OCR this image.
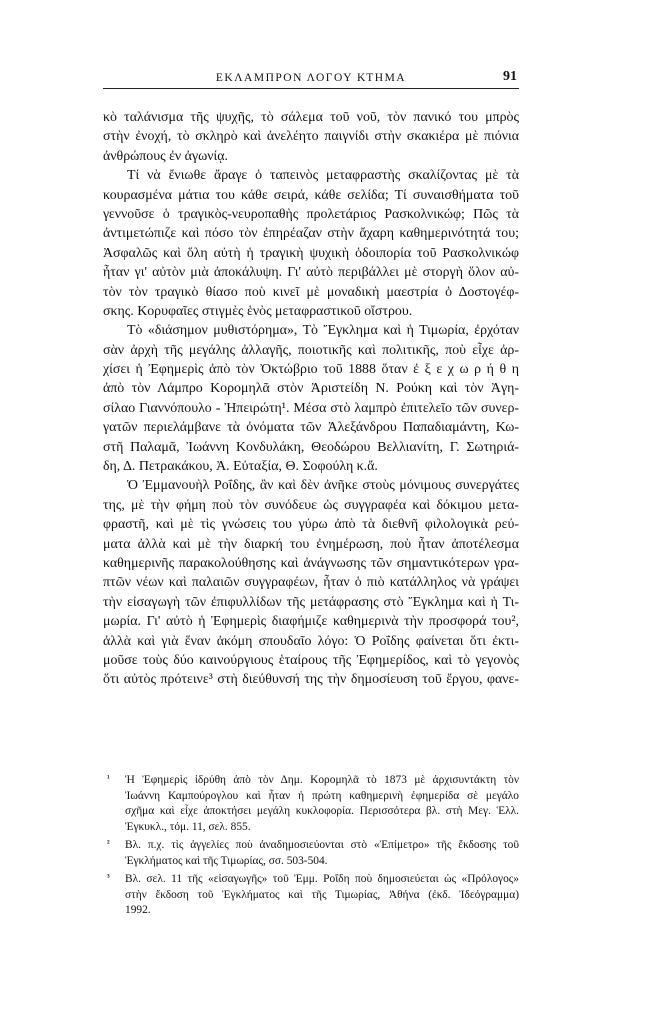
ΕΚΛΑΜΠΡΟΝ ΛΟΓΟΥ ΚΤΗΜΑ	91
κὸ ταλάνισμα τῆς ψυχῆς, τὸ σάλεμα τοῦ νοῦ, τὸν πανικό του μπρὸς
στὴν ἐνοχή, τὸ σκληρὸ καὶ ἀνελέητο παιγνίδι στὴν σκακιέρα μὲ πιόνια
ἀνθρώπους ἐν ἀγωνίᾳ.
Τί νὰ ἔνιωθε ἄραγε ὁ ταπεινὸς μεταφραστὴς σκαλίζοντας μὲ τὰ
κουρασμένα μάτια του κάθε σειρά, κάθε σελίδα; Τί συναισθήματα τοῦ
γεννοῦσε ὁ τραγικὸς-νευροπαθὴς προλετάριος Ρασκολνικώφ; Πῶς τὰ
ἀντιμετώπιζε καὶ πόσο τὸν ἐπηρέαζαν στὴν ἄχαρη καθημερινότητά του;
Ἀσφαλῶς καὶ ὅλη αὐτὴ ἡ τραγικὴ ψυχικὴ ὁδοιπορία τοῦ Ρασκολνικώφ
ἦταν γι' αὐτὸν μιὰ ἀποκάλυψη. Γι' αὐτὸ περιβάλλει μὲ στοργὴ ὅλον αὐ-
τὸν τὸν τραγικὸ θίασο ποὺ κινεῖ μὲ μοναδικὴ μαεστρία ὁ Δοστογέφ-
σκης. Κορυφαῖες στιγμὲς ἑνὸς μεταφραστικοῦ οἴστρου.
Τὸ «διάσημον μυθιστόρημα», Τὸ Ἔγκλημα καὶ ἡ Τιμωρία, ἐρχόταν
σὰν ἀρχὴ τῆς μεγάλης ἀλλαγῆς, ποιοτικῆς καὶ πολιτικῆς, ποὺ εἶχε ἀρ-
χίσει ἡ Ἐφημερὶς ἀπὸ τὸν Ὀκτώβριο τοῦ 1888 ὅταν ἐ ξ ε χ ω ρ ή θ η
ἀπὸ τὸν Λάμπρο Κορομηλᾶ στὸν Ἀριστείδη Ν. Ρούκη καὶ τὸν Ἀγη-
σίλαο Γιαννόπουλο - Ἠπειρώτη¹. Μέσα στὸ λαμπρὸ ἐπιτελεῖο τῶν συνερ-
γατῶν περιελάμβανε τὰ ὀνόματα τῶν Ἀλεξάνδρου Παπαδιαμάντη, Κω-
στῆ Παλαμᾶ, Ἰωάννη Κονδυλάκη, Θεοδώρου Βελλιανίτη, Γ. Σωτηριά-
δη, Δ. Πετρακάκου, Ἀ. Εὐταξία, Θ. Σοφούλη κ.ἄ.
Ὁ Ἐμμανουὴλ Ροΐδης, ἂν καὶ δὲν ἀνῆκε στοὺς μόνιμους συνεργάτες
της, μὲ τὴν φήμη ποὺ τὸν συνόδευε ὡς συγγραφέα καὶ δόκιμου μετα-
φραστῆ, καὶ μὲ τὶς γνώσεις του γύρω ἀπὸ τὰ διεθνῆ φιλολογικὰ ρεύ-
ματα ἀλλὰ καὶ μὲ τὴν διαρκή του ἐνημέρωση, ποὺ ἦταν ἀποτέλεσμα
καθημερινῆς παρακολούθησης καὶ ἀνάγνωσης τῶν σημαντικότερων γρα-
πτῶν νέων καὶ παλαιῶν συγγραφέων, ἦταν ὁ πιὸ κατάλληλος νὰ γράψει
τὴν εἰσαγωγὴ τῶν ἐπιφυλλίδων τῆς μετάφρασης στὸ Ἔγκλημα καὶ ἡ Τι-
μωρία. Γι' αὐτὸ ἡ Ἐφημερὶς διαφήμιζε καθημερινὰ τὴν προσφορά του²,
ἀλλὰ καὶ γιὰ ἕναν ἀκόμη σπουδαῖο λόγο: Ὁ Ροΐδης φαίνεται ὅτι ἐκτι-
μοῦσε τοὺς δύο καινούργιους ἑταίρους τῆς Ἐφημερίδος, καὶ τὸ γεγονὸς
ὅτι αὐτὸς πρότεινε³ στὴ διεύθυνσή της τὴν δημοσίευση τοῦ ἔργου, φανε-
¹ Ἡ Ἐφημερὶς ἱδρύθη ἀπὸ τὸν Δημ. Κορομηλᾶ τὸ 1873 μὲ ἀρχισυντάκτη τὸν
Ἰωάννη Καμπούρογλου καὶ ἦταν ἡ πρώτη καθημερινὴ ἐφημερίδα σὲ μεγάλο
σχῆμα καὶ εἶχε ἀποκτήσει μεγάλη κυκλοφορία. Περισσότερα βλ. στὴ Μεγ. Ἑλλ.
Ἐγκυκλ., τόμ. 11, σελ. 855.
² Βλ. π.χ. τὶς ἀγγελίες ποὺ ἀναδημοσιεύονται στὸ «Ἐπίμετρο» τῆς ἔκδοσης τοῦ
Ἐγκλήματος καὶ τῆς Τιμωρίας, σσ. 503-504.
³ Βλ. σελ. 11 τῆς «εἰσαγωγῆς» τοῦ Ἐμμ. Ροΐδη ποὺ δημοσιεύεται ὡς «Πρόλογος»
στὴν ἔκδοση τοῦ Ἐγκλήματος καὶ τῆς Τιμωρίας, Ἀθήνα (ἐκδ. Ἰδεόγραμμα)
1992.
